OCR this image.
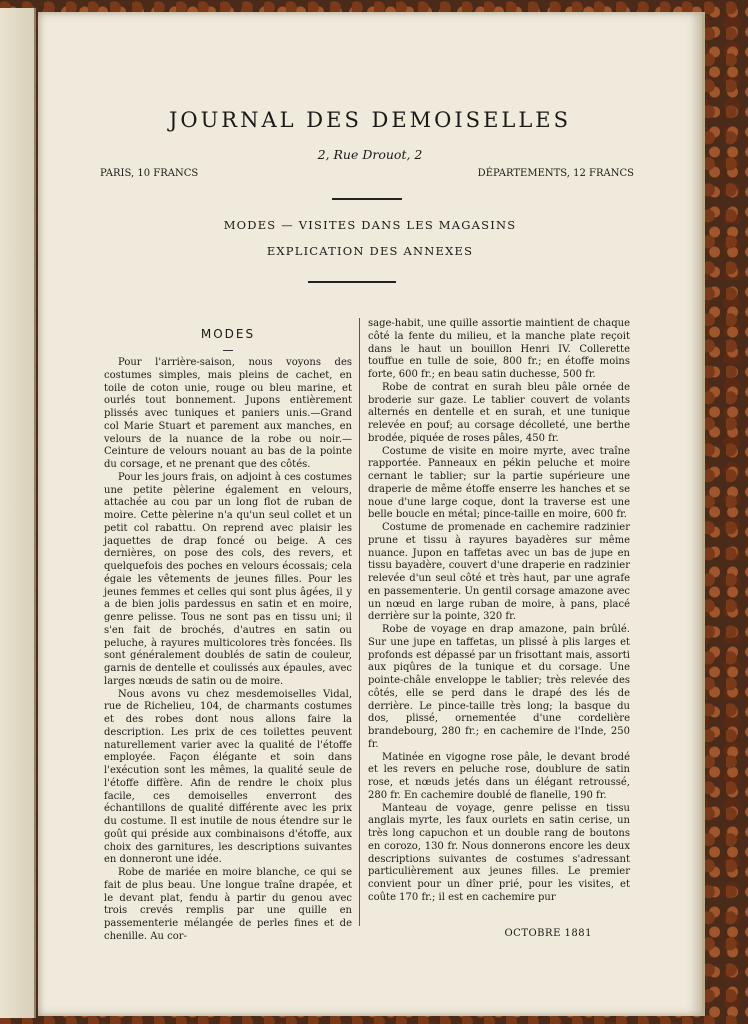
JOURNAL DES DEMOISELLES
2, Rue Drouot, 2
PARIS, 10 FRANCS	DÉPARTEMENTS, 12 FRANCS
MODES — VISITES DANS LES MAGASINS
EXPLICATION DES ANNEXES
MODES

Pour l'arrière-saison, nous voyons des costumes simples, mais pleins de cachet, en toile de coton unie, rouge ou bleu marine, et ourlés tout bonnement. Jupons entièrement plissés avec tuniques et paniers unis.—Grand col Marie Stuart et parement aux manches, en velours de la nuance de la robe ou noir.—Ceinture de velours nouant au bas de la pointe du corsage, et ne prenant que des côtés.

Pour les jours frais, on adjoint à ces costumes une petite pèlerine également en velours, attachée au cou par un long flot de ruban de moire. Cette pèlerine n'a qu'un seul collet et un petit col rabattu. On reprend avec plaisir les jaquettes de drap foncé ou beige. A ces dernières, on pose des cols, des revers, et quelquefois des poches en velours écossais; cela égaie les vêtements de jeunes filles. Pour les jeunes femmes et celles qui sont plus âgées, il y a de bien jolis pardessus en satin et en moire, genre pelisse. Tous ne sont pas en tissu uni; il s'en fait de brochés, d'autres en satin ou peluche, à rayures multicolores très foncées. Ils sont généralement doublés de satin de couleur, garnis de dentelle et coulissés aux épaules, avec larges nœuds de satin ou de moire.

Nous avons vu chez mesdemoiselles Vidal, rue de Richelieu, 104, de charmants costumes et des robes dont nous allons faire la description. Les prix de ces toilettes peuvent naturellement varier avec la qualité de l'étoffe employée. Façon élégante et soin dans l'exécution sont les mêmes, la qualité seule de l'étoffe diffère. Afin de rendre le choix plus facile, ces demoiselles enverront des échantillons de qualité différente avec les prix du costume. Il est inutile de nous étendre sur le goût qui préside aux combinaisons d'étoffe, aux choix des garnitures, les descriptions suivantes en donneront une idée.

Robe de mariée en moire blanche, ce qui se fait de plus beau. Une longue traîne drapée, et le devant plat, fendu à partir du genou avec trois crevés remplis par une quille en passementerie mélangée de perles fines et de chenille. Au cor-

sage-habit, une quille assortie maintient de chaque côté la fente du milieu, et la manche plate reçoit dans le haut un bouillon Henri IV. Collerette touffue en tulle de soie, 800 fr.; en étoffe moins forte, 600 fr.; en beau satin duchesse, 500 fr.

Robe de contrat en surah bleu pâle ornée de broderie sur gaze. Le tablier couvert de volants alternés en dentelle et en surah, et une tunique relevée en pouf; au corsage décolleté, une berthe brodée, piquée de roses pâles, 450 fr.

Costume de visite en moire myrte, avec traîne rapportée. Panneaux en pékin peluche et moire cernant le tablier; sur la partie supérieure une draperie de même étoffe enserre les hanches et se noue d'une large coque, dont la traverse est une belle boucle en métal; pince-taille en moire, 600 fr.

Costume de promenade en cachemire radzinier prune et tissu à rayures bayadères sur même nuance. Jupon en taffetas avec un bas de jupe en tissu bayadère, couvert d'une draperie en radzinier relevée d'un seul côté et très haut, par une agrafe en passementerie. Un gentil corsage amazone avec un nœud en large ruban de moire, à pans, placé derrière sur la pointe, 320 fr.

Robe de voyage en drap amazone, pain brûlé. Sur une jupe en taffetas, un plissé à plis larges et profonds est dépassé par un frisottant mais, assorti aux piqûres de la tunique et du corsage. Une pointe-châle enveloppe le tablier; très relevée des côtés, elle se perd dans le drapé des lés de derrière. Le pince-taille très long; la basque du dos, plissé, ornementée d'une cordelière brandebourg, 280 fr.; en cachemire de l'Inde, 250 fr.

Matinée en vigogne rose pâle, le devant brodé et les revers en peluche rose, doublure de satin rose, et nœuds jetés dans un élégant retroussé, 280 fr. En cachemire doublé de flanelle, 190 fr.

Manteau de voyage, genre pelisse en tissu anglais myrte, les faux ourlets en satin cerise, un très long capuchon et un double rang de boutons en corozo, 130 fr. Nous donnerons encore les deux descriptions suivantes de costumes s'adressant particulièrement aux jeunes filles. Le premier convient pour un dîner prié, pour les visites, et coûte 170 fr.; il est en cachemire pur

OCTOBRE 1881
